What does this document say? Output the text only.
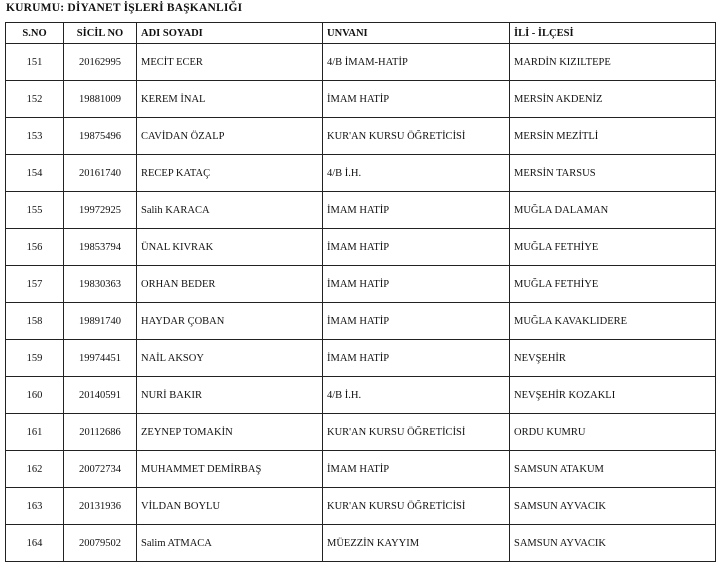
KURUMU: DİYANET İŞLERİ BAŞKANLIĞI
S.NO	SİCİL NO	ADI SOYADI	UNVANI	İLİ - İLÇESİ
151	20162995	MECİT ECER	4/B İMAM-HATİP	MARDİN KIZILTEPE
152	19881009	KEREM İNAL	İMAM HATİP	MERSİN AKDENİZ
153	19875496	CAVİDAN ÖZALP	KUR'AN KURSU ÖĞRETİCİSİ	MERSİN MEZİTLİ
154	20161740	RECEP KATAÇ	4/B İ.H.	MERSİN TARSUS
155	19972925	Salih KARACA	İMAM HATİP	MUĞLA DALAMAN
156	19853794	ÜNAL KIVRAK	İMAM HATİP	MUĞLA FETHİYE
157	19830363	ORHAN BEDER	İMAM HATİP	MUĞLA FETHİYE
158	19891740	HAYDAR ÇOBAN	İMAM HATİP	MUĞLA KAVAKLIDERE
159	19974451	NAİL AKSOY	İMAM HATİP	NEVŞEHİR
160	20140591	NURİ BAKIR	4/B İ.H.	NEVŞEHİR KOZAKLI
161	20112686	ZEYNEP TOMAKİN	KUR'AN KURSU ÖĞRETİCİSİ	ORDU KUMRU
162	20072734	MUHAMMET DEMİRBAŞ	İMAM HATİP	SAMSUN ATAKUM
163	20131936	VİLDAN BOYLU	KUR'AN KURSU ÖĞRETİCİSİ	SAMSUN AYVACIK
164	20079502	Salim ATMACA	MÜEZZİN KAYYIM	SAMSUN AYVACIK
